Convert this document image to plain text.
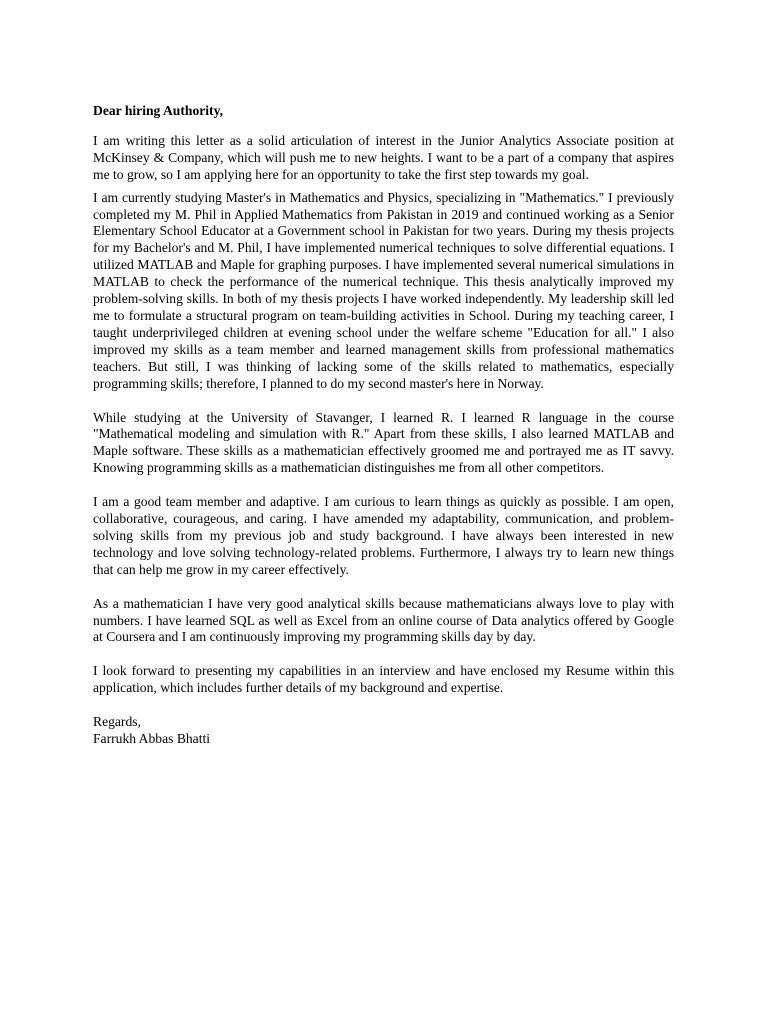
Dear hiring Authority,

I am writing this letter as a solid articulation of interest in the Junior Analytics Associate position at McKinsey & Company, which will push me to new heights. I want to be a part of a company that aspires me to grow, so I am applying here for an opportunity to take the first step towards my goal.

I am currently studying Master's in Mathematics and Physics, specializing in "Mathematics." I previously completed my M. Phil in Applied Mathematics from Pakistan in 2019 and continued working as a Senior Elementary School Educator at a Government school in Pakistan for two years. During my thesis projects for my Bachelor's and M. Phil, I have implemented numerical techniques to solve differential equations. I utilized MATLAB and Maple for graphing purposes. I have implemented several numerical simulations in MATLAB to check the performance of the numerical technique. This thesis analytically improved my problem-solving skills. In both of my thesis projects I have worked independently. My leadership skill led me to formulate a structural program on team-building activities in School. During my teaching career, I taught underprivileged children at evening school under the welfare scheme "Education for all." I also improved my skills as a team member and learned management skills from professional mathematics teachers. But still, I was thinking of lacking some of the skills related to mathematics, especially programming skills; therefore, I planned to do my second master's here in Norway.

While studying at the University of Stavanger, I learned R. I learned R language in the course "Mathematical modeling and simulation with R." Apart from these skills, I also learned MATLAB and Maple software. These skills as a mathematician effectively groomed me and portrayed me as IT savvy. Knowing programming skills as a mathematician distinguishes me from all other competitors.

I am a good team member and adaptive. I am curious to learn things as quickly as possible. I am open, collaborative, courageous, and caring. I have amended my adaptability, communication, and problem-solving skills from my previous job and study background. I have always been interested in new technology and love solving technology-related problems. Furthermore, I always try to learn new things that can help me grow in my career effectively.

As a mathematician I have very good analytical skills because mathematicians always love to play with numbers. I have learned SQL as well as Excel from an online course of Data analytics offered by Google at Coursera and I am continuously improving my programming skills day by day.

I look forward to presenting my capabilities in an interview and have enclosed my Resume within this application, which includes further details of my background and expertise.

Regards,

Farrukh Abbas Bhatti
